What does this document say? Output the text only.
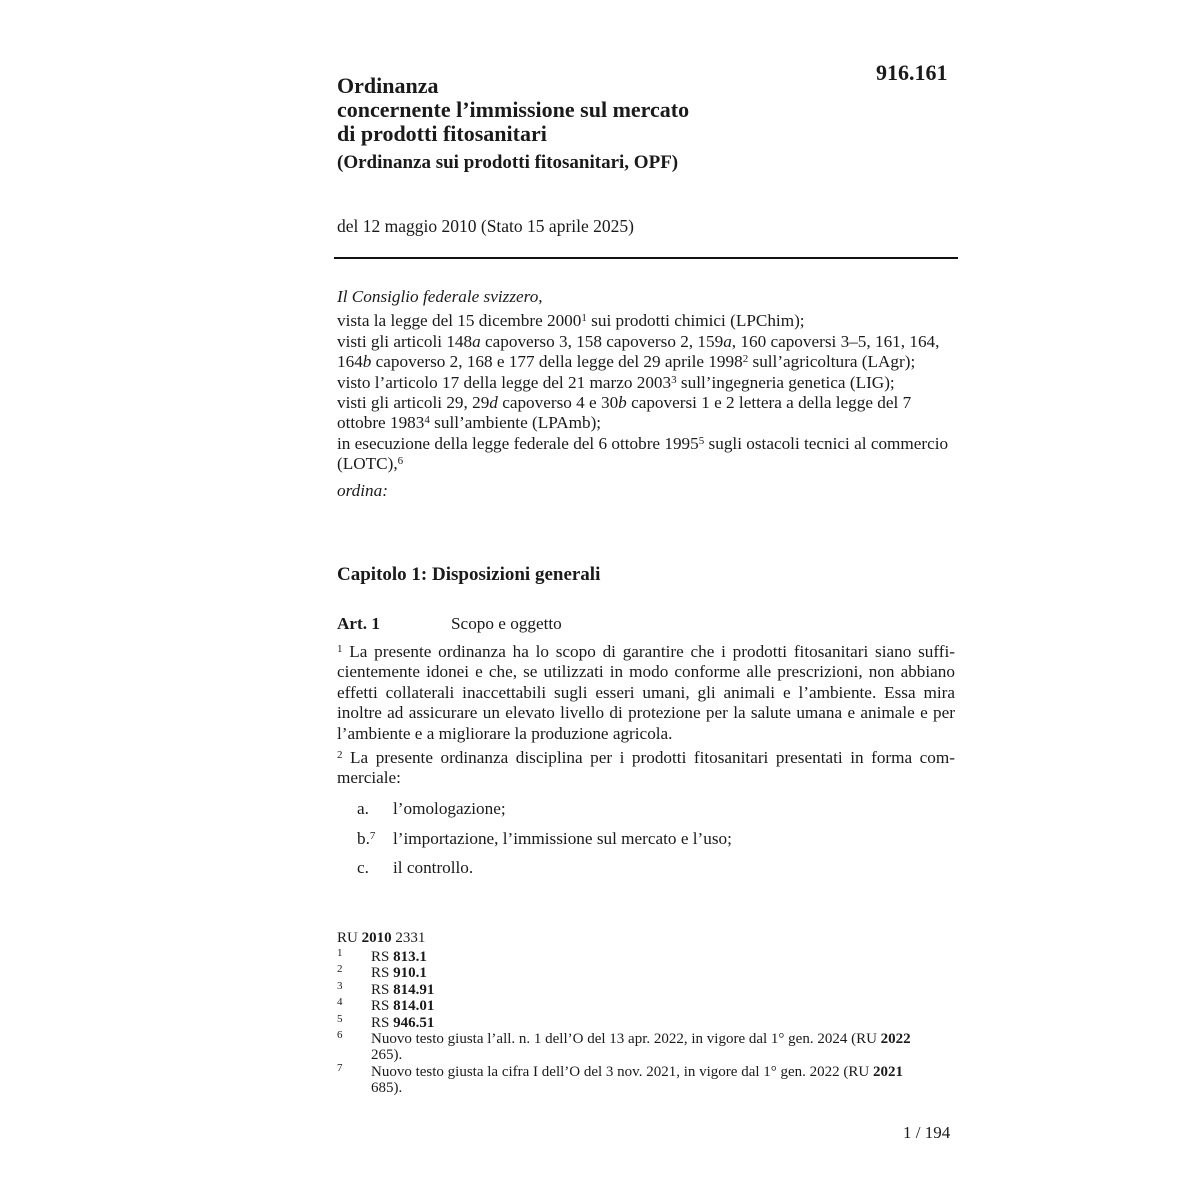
916.161
Ordinanza
concernente l’immissione sul mercato
di prodotti fitosanitari
(Ordinanza sui prodotti fitosanitari, OPF)
del 12 maggio 2010 (Stato 15 aprile 2025)

Il Consiglio federale svizzero,

vista la legge del 15 dicembre 2000$^1$ sui prodotti chimici (LPChim);

visti gli articoli 148a capoverso 3, 158 capoverso 2, 159a, 160 capoversi 3–5, 161, 164, 164b capoverso 2, 168 e 177 della legge del 29 aprile 1998$^2$ sull’agricoltura (LAgr);

visto l’articolo 17 della legge del 21 marzo 2003$^3$ sull’ingegneria genetica (LIG);

visti gli articoli 29, 29d capoverso 4 e 30b capoversi 1 e 2 lettera a della legge del 7 ottobre 1983$^4$ sull’ambiente (LPAmb);

in esecuzione della legge federale del 6 ottobre 1995$^5$ sugli ostacoli tecnici al commercio (LOTC),$^6$

ordina:

Capitolo 1: Disposizioni generali
Art. 1	Scopo e oggetto

$^1$ La presente ordinanza ha lo scopo di garantire che i prodotti fitosanitari siano sufficientemente idonei e che, se utilizzati in modo conforme alle prescrizioni, non abbiano effetti collaterali inaccettabili sugli esseri umani, gli animali e l’ambiente. Essa mira inoltre ad assicurare un elevato livello di protezione per la salute umana e animale e per l’ambiente e a migliorare la produzione agricola.

$^2$ La presente ordinanza disciplina per i prodotti fitosanitari presentati in forma commerciale:

a.	l’omologazione;
b.$^7$	l’importazione, l’immissione sul mercato e l’uso;
c.	il controllo.
RU 2010 2331
1	RS 813.1
2	RS 910.1
3	RS 814.91
4	RS 814.01
5	RS 946.51
6	Nuovo testo giusta l’all. n. 1 dell’O del 13 apr. 2022, in vigore dal 1° gen. 2024 (RU 2022 265).
7	Nuovo testo giusta la cifra I dell’O del 3 nov. 2021, in vigore dal 1° gen. 2022 (RU 2021 685).
1 / 194
